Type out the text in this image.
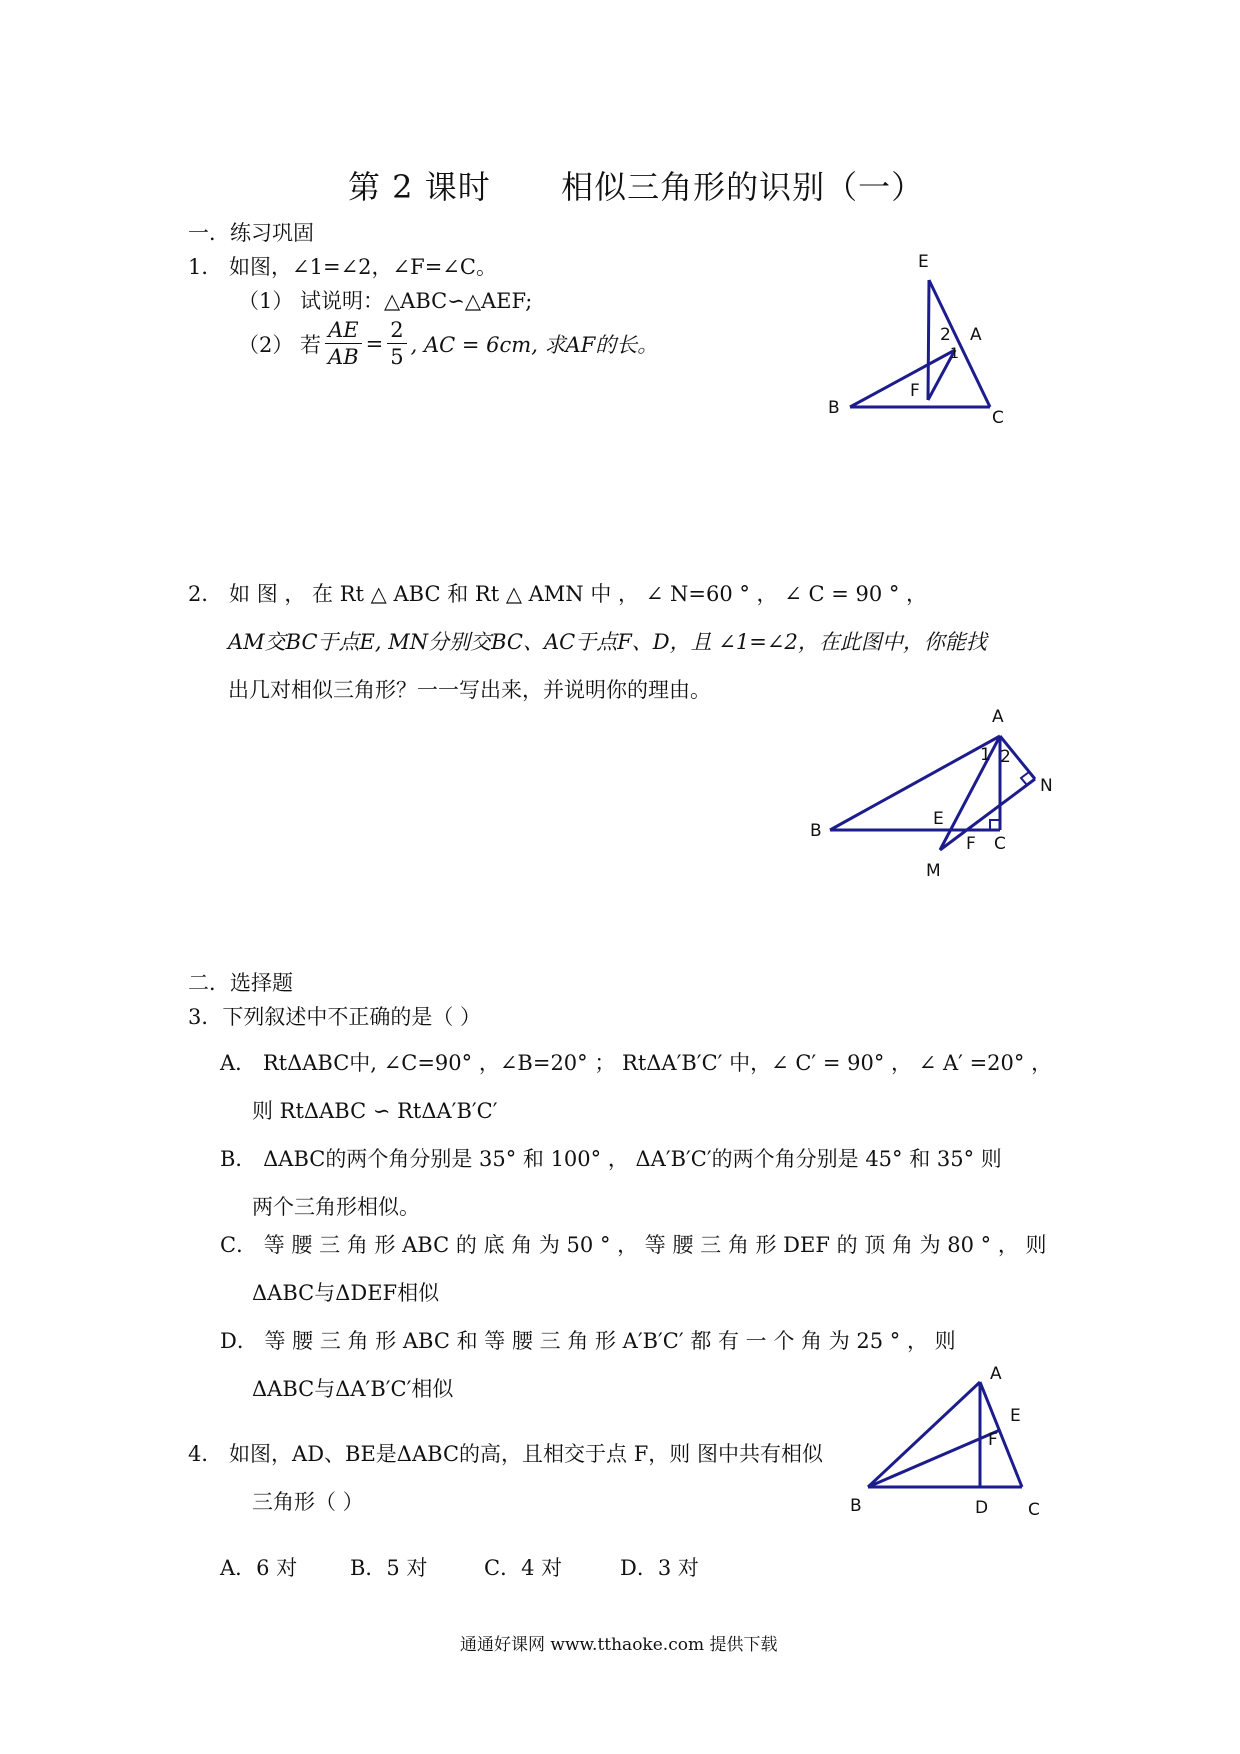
第 2 课时 相似三角形的识别（一）
一．练习巩固
1． 如图，∠1=∠2，∠F=∠C。
（1） 试说明：△ABC∽△AEF;
（2） 若 $\frac{AE}{AB} = \frac{2}{5}$ , AC = 6cm, 求AF的长。
E
A
2
1
F
B	C
2． 如 图 ， 在 Rt △ ABC 和 Rt △ AMN 中 ， ∠ N=60 ° ， ∠ C = 90 ° ，
AM交BC于点E, MN分别交BC、AC于点F、D，且 ∠1=∠2，在此图中，你能找
出几对相似三角形？一一写出来，并说明你的理由。
A
1 2
N
B
E
F C
M
二．选择题
3．下列叙述中不正确的是（ ）
A． RtΔABC中, ∠C=90° ，∠B=20° ； RtΔA′B′C′ 中，∠ C′ = 90° ， ∠ A′ =20° ，
则 RtΔABC ∽ RtΔA′B′C′
B． ΔABC的两个角分别是 35° 和 100° ， ΔA′B′C′的两个角分别是 45° 和 35° 则
两个三角形相似。
C． 等 腰 三 角 形 ABC 的 底 角 为 50 ° ， 等 腰 三 角 形 DEF 的 顶 角 为 80 ° ， 则
ΔABC与ΔDEF相似
D． 等 腰 三 角 形 ABC 和 等 腰 三 角 形 A′B′C′ 都 有 一 个 角 为 25 ° ， 则
ΔABC与ΔA′B′C′相似
4． 如图，AD、BE是ΔABC的高，且相交于点 F，则 图中共有相似
三角形（ ）
A．6 对	B．5 对	C．4 对	D．3 对
A
E
F
B	D C
通通好课网 www.tthaoke.com 提供下载
